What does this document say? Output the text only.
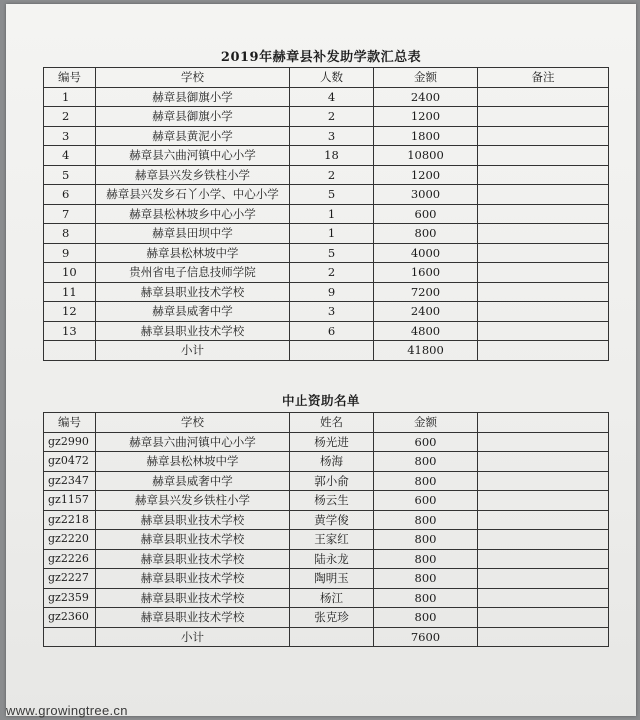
2019年赫章县补发助学款汇总表
编号	学校	人数	金额	备注
1	赫章县御旗小学	4	2400	
2	赫章县御旗小学	2	1200	
3	赫章县黄泥小学	3	1800	
4	赫章县六曲河镇中心小学	18	10800	
5	赫章县兴发乡铁柱小学	2	1200	
6	赫章县兴发乡石丫小学、中心小学	5	3000	
7	赫章县松林坡乡中心小学	1	600	
8	赫章县田坝中学	1	800	
9	赫章县松林坡中学	5	4000	
10	贵州省电子信息技师学院	2	1600	
11	赫章县职业技术学校	9	7200	
12	赫章县威奢中学	3	2400	
13	赫章县职业技术学校	6	4800	
	小计		41800	
中止资助名单
编号	学校	姓名	金额	
gz2990	赫章县六曲河镇中心小学	杨光进	600	
gz0472	赫章县松林坡中学	杨海	800	
gz2347	赫章县威奢中学	郭小俞	800	
gz1157	赫章县兴发乡铁柱小学	杨云生	600	
gz2218	赫章县职业技术学校	黄学俊	800	
gz2220	赫章县职业技术学校	王家红	800	
gz2226	赫章县职业技术学校	陆永龙	800	
gz2227	赫章县职业技术学校	陶明玉	800	
gz2359	赫章县职业技术学校	杨江	800	
gz2360	赫章县职业技术学校	张克珍	800	
	小计		7600	
www.growingtree.cn
